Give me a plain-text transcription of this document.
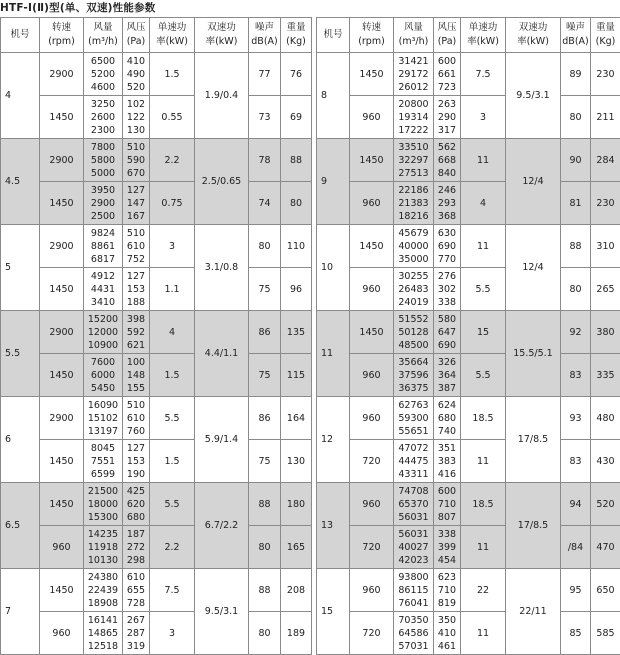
HTF-Ⅰ(Ⅱ)型(单、双速)性能参数
机号	转速
(rpm)	风量
(m³/h)	风压
(Pa)	单速功
率(kW)	双速功
率(kW)	噪声
dB(A)	重量
(Kg)

4	2900	6500
5200
4600	410
490
520	1.5	1.9/0.4	77	76
	1450	3250
2600
2300	102
122
130	0.55		73	69
4.5	2900	7800
5800
5000	510
590
670	2.2	2.5/0.65	78	88
	1450	3950
2900
2500	127
147
167	0.75		74	80
5	2900	9824
8861
6817	510
610
752	3	3.1/0.8	80	110
	1450	4912
4431
3410	127
153
188	1.1		75	96
5.5	2900	15200
12000
10900	398
592
621	4	4.4/1.1	86	135
	1450	7600
6000
5450	100
148
155	1.5		75	115
6	2900	16090
15102
13197	510
610
760	5.5	5.9/1.4	86	164
	1450	8045
7551
6599	127
153
190	1.5		75	130
6.5	1450	21500
18000
15300	425
620
680	5.5	6.7/2.2	88	180
	960	14235
11918
10130	187
272
298	2.2		80	165
7	1450	24380
22439
18908	610
655
728	7.5	9.5/3.1	88	208
	960	16141
14865
12518	267
287
319	3		80	189
机号	转速
(rpm)	风量
(m³/h)	风压
(Pa)	单速功
率(kW)	双速功
率(kW)	噪声
dB(A)	重量
(Kg)

8	1450	31421
29172
26012	600
661
723	7.5	9.5/3.1	89	230
	960	20800
19314
17222	263
290
317	3		80	211
9	1450	33510
32297
27513	562
668
840	11	12/4	90	284
	960	22186
21383
18216	246
293
368	4		81	230
10	1450	45679
40000
35000	630
690
770	11	12/4	88	310
	960	30255
26483
24019	276
302
338	5.5		80	265
11	1450	51552
50128
48500	580
647
690	15	15.5/5.1	92	380
	960	35664
37596
36375	326
364
387	5.5		83	335
12	960	62763
59300
55651	624
680
740	18.5	17/8.5	93	480
	720	47072
44475
43311	351
383
416	11		83	430
13	960	74708
65370
56031	600
710
807	18.5	17/8.5	94	520
	720	56031
40027
42023	338
399
454	11		/84	470
15	960	93800
86115
76041	623
710
819	22	22/11	95	650
	720	70350
64586
57031	350
410
461	11		85	585
